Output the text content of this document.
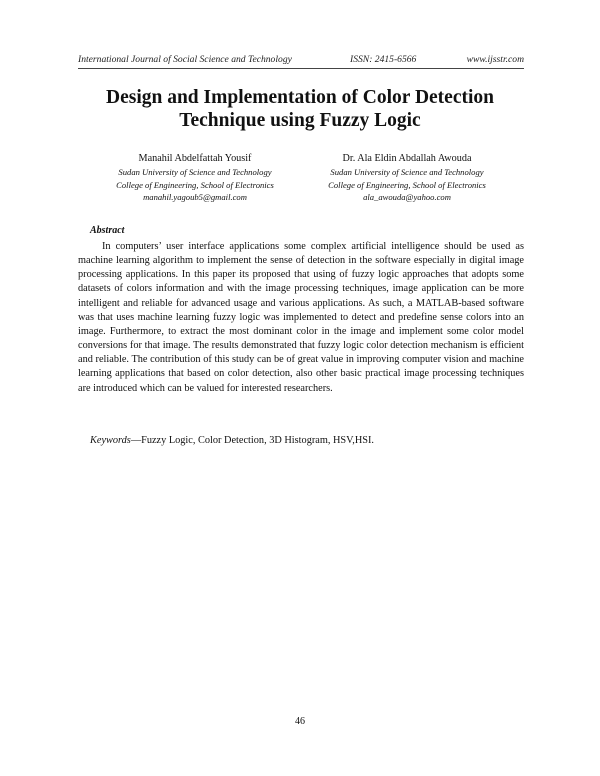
International Journal of Social Science and Technology	ISSN: 2415-6566	www.ijsstr.com
Design and Implementation of Color Detection
Technique using Fuzzy Logic
Manahil Abdelfattah Yousif
Sudan University of Science and Technology
College of Engineering, School of Electronics
manahil.yagoub5@gmail.com
Dr. Ala Eldin Abdallah Awouda
Sudan University of Science and Technology
College of Engineering, School of Electronics
ala_awouda@yahoo.com
Abstract
In computers’ user interface applications some complex artificial intelligence should be used as machine learning algorithm to implement the sense of detection in the software especially in digital image processing applications. In this paper its proposed that using of fuzzy logic approaches that adopts some datasets of colors information and with the image processing techniques, image application can be more intelligent and reliable for advanced usage and various applications. As such, a MATLAB-based software was that uses machine learning fuzzy logic was implemented to detect and predefine sense colors into an image. Furthermore, to extract the most dominant color in the image and implement some color model conversions for that image. The results demonstrated that fuzzy logic color detection mechanism is efficient and reliable. The contribution of this study can be of great value in improving computer vision and machine learning applications that based on color detection, also other basic practical image processing techniques are introduced which can be valued for interested researchers.
Keywords—Fuzzy Logic, Color Detection, 3D Histogram, HSV,HSI.
46
